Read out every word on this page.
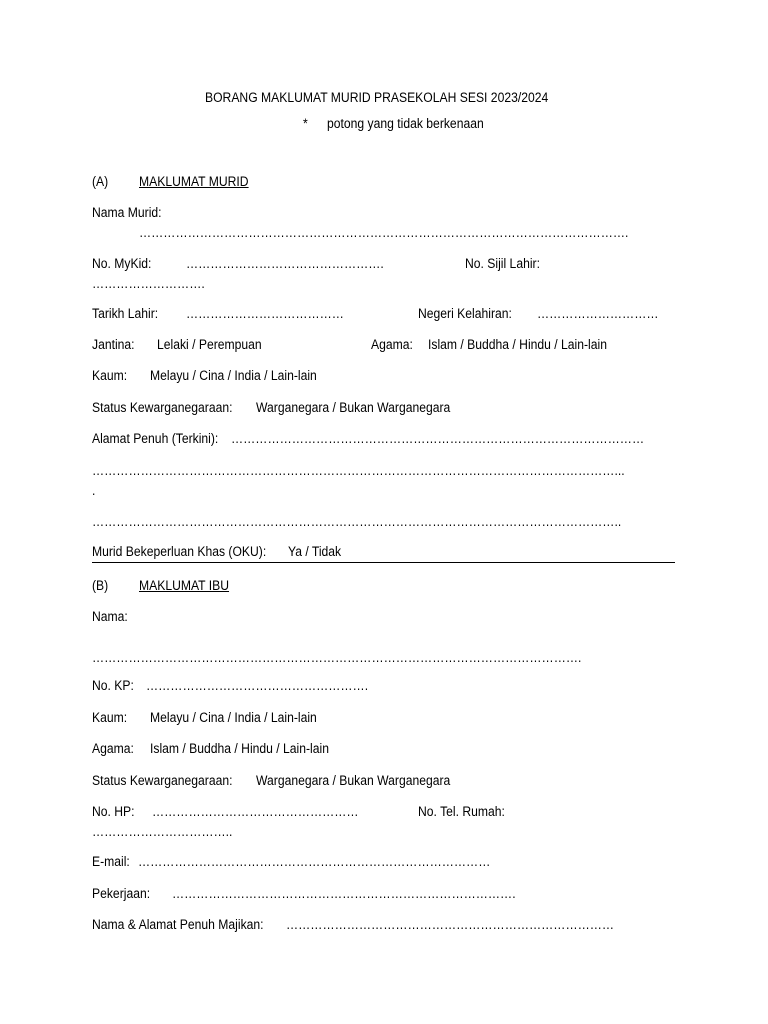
BORANG MAKLUMAT MURID PRASEKOLAH SESI 2023/2024
* potong yang tidak berkenaan
(A) MAKLUMAT MURID
Nama Murid:
………………………………………………………………………………………………………….
No. MyKid:	………………………………………….	No. Sijil Lahir:
……………………….
Tarikh Lahir: …………………………………	Negeri Kelahiran: …………………………
Jantina: Lelaki / Perempuan	Agama: Islam / Buddha / Hindu / Lain-lain
Kaum: Melayu / Cina / India / Lain-lain
Status Kewarganegaraan: Warganegara / Bukan Warganegara
Alamat Penuh (Terkini): …………………………………………………………………………………………
…………………………………………………………………………………………………………………...
.
…………………………………………………………………………………………………………………..
Murid Bekeperluan Khas (OKU): Ya / Tidak
(B) MAKLUMAT IBU
Nama:
………………………………………………………………………………………………………….
No. KP: ……………………………………………….
Kaum: Melayu / Cina / India / Lain-lain
Agama: Islam / Buddha / Hindu / Lain-lain
Status Kewarganegaraan: Warganegara / Bukan Warganegara
No. HP: ……………………………………………	No. Tel. Rumah:
……………………………..
E-mail: ……………………………………………………………………………
Pekerjaan: ………………………………………………………………………….
Nama & Alamat Penuh Majikan: ………………………………………………………………………
